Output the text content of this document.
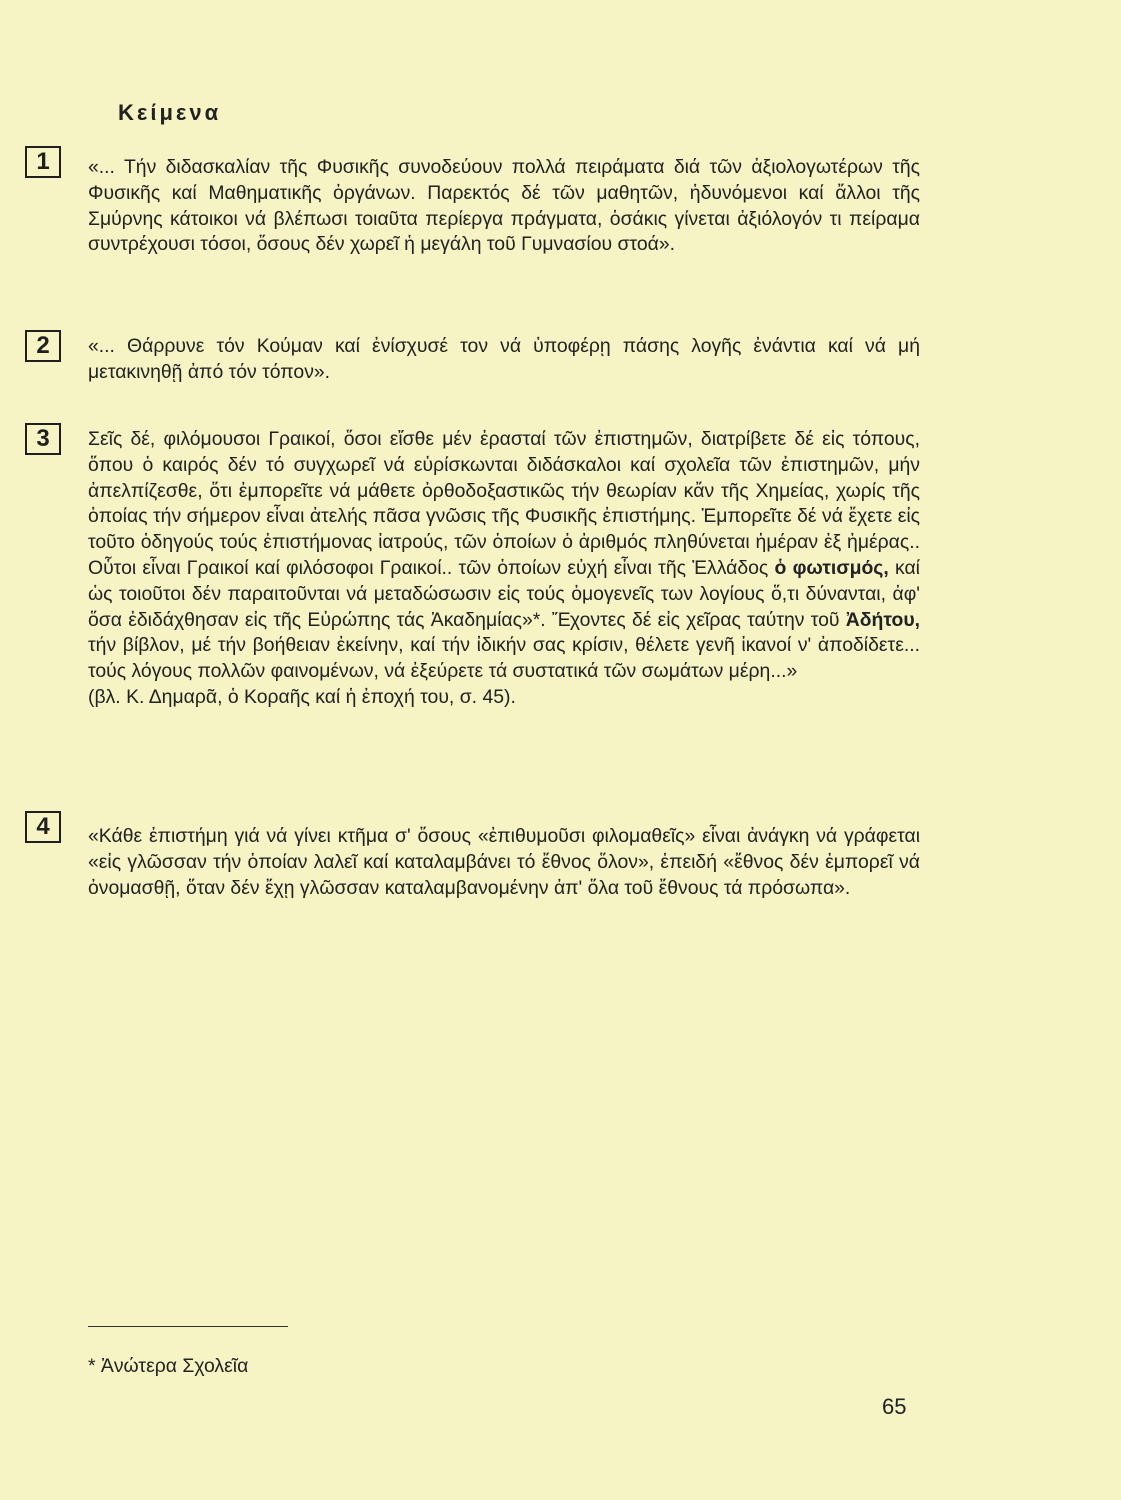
Κείμενα
1	«... Τήν διδασκαλίαν τῆς Φυσικῆς συνοδεύουν πολλά πειράματα διά τῶν ἀξιολογωτέρων τῆς Φυσικῆς καί Μαθηματικῆς ὀργάνων. Παρεκτός δέ τῶν μαθητῶν, ἡδυνόμενοι καί ἄλλοι τῆς Σμύρνης κάτοικοι νά βλέπωσι τοιαῦτα περίεργα πράγματα, ὁσάκις γίνεται ἀξιόλογόν τι πείραμα συντρέχουσι τόσοι, ὅσους δέν χωρεῖ ἡ μεγάλη τοῦ Γυμνασίου στοά».

2	«... Θάρρυνε τόν Κούμαν καί ἐνίσχυσέ τον νά ὑποφέρῃ πάσης λογῆς ἐνάντια καί νά μή μετακινηθῇ ἀπό τόν τόπον».

3	Σεῖς δέ, φιλόμουσοι Γραικοί, ὅσοι εἴσθε μέν ἐρασταί τῶν ἐπιστημῶν, διατρίβετε δέ εἰς τόπους, ὅπου ὁ καιρός δέν τό συγχωρεῖ νά εὑρίσκωνται διδάσκαλοι καί σχολεῖα τῶν ἐπιστημῶν, μήν ἀπελπίζεσθε, ὅτι ἐμπορεῖτε νά μάθετε ὀρθοδοξαστικῶς τήν θεωρίαν κἄν τῆς Χημείας, χωρίς τῆς ὁποίας τήν σήμερον εἶναι ἀτελής πᾶσα γνῶσις τῆς Φυσικῆς ἐπιστήμης. Ἐμπορεῖτε δέ νά ἔχετε εἰς τοῦτο ὁδηγούς τούς ἐπιστήμονας ἰατρούς, τῶν ὁποίων ὁ ἀριθμός πληθύνεται ἡμέραν ἐξ ἡμέρας.. Οὗτοι εἶναι Γραικοί καί φιλόσοφοι Γραικοί.. τῶν ὁποίων εὐχή εἶναι τῆς Ἑλλάδος ὁ φωτισμός, καί ὡς τοιοῦτοι δέν παραιτοῦνται νά μεταδώσωσιν εἰς τούς ὁμογενεῖς των λογίους ὅ,τι δύνανται, ἀφ' ὅσα ἐδιδάχθησαν εἰς τῆς Εὐρώπης τάς Ἀκαδημίας»*. Ἔχοντες δέ εἰς χεῖρας ταύτην τοῦ Ἀδήτου, τήν βίβλον, μέ τήν βοήθειαν ἐκείνην, καί τήν ἰδικήν σας κρίσιν, θέλετε γενῆ ἱκανοί ν' ἀποδίδετε... τούς λόγους πολλῶν φαινομένων, νά ἐξεύρετε τά συστατικά τῶν σωμάτων μέρη...»

(βλ. Κ. Δημαρᾶ, ὁ Κοραῆς καί ἡ ἐποχή του, σ. 45).

4	«Κάθε ἐπιστήμη γιά νά γίνει κτῆμα σ' ὅσους «ἐπιθυμοῦσι φιλομαθεῖς» εἶναι ἀνάγκη νά γράφεται «εἰς γλῶσσαν τήν ὁποίαν λαλεῖ καί καταλαμβάνει τό ἔθνος ὅλον», ἐπειδή «ἔθνος δέν ἐμπορεῖ νά ὀνομασθῇ, ὅταν δέν ἔχῃ γλῶσσαν καταλαμβανομένην ἀπ' ὅλα τοῦ ἔθνους τά πρόσωπα».

* Ἀνώτερα Σχολεῖα
65
